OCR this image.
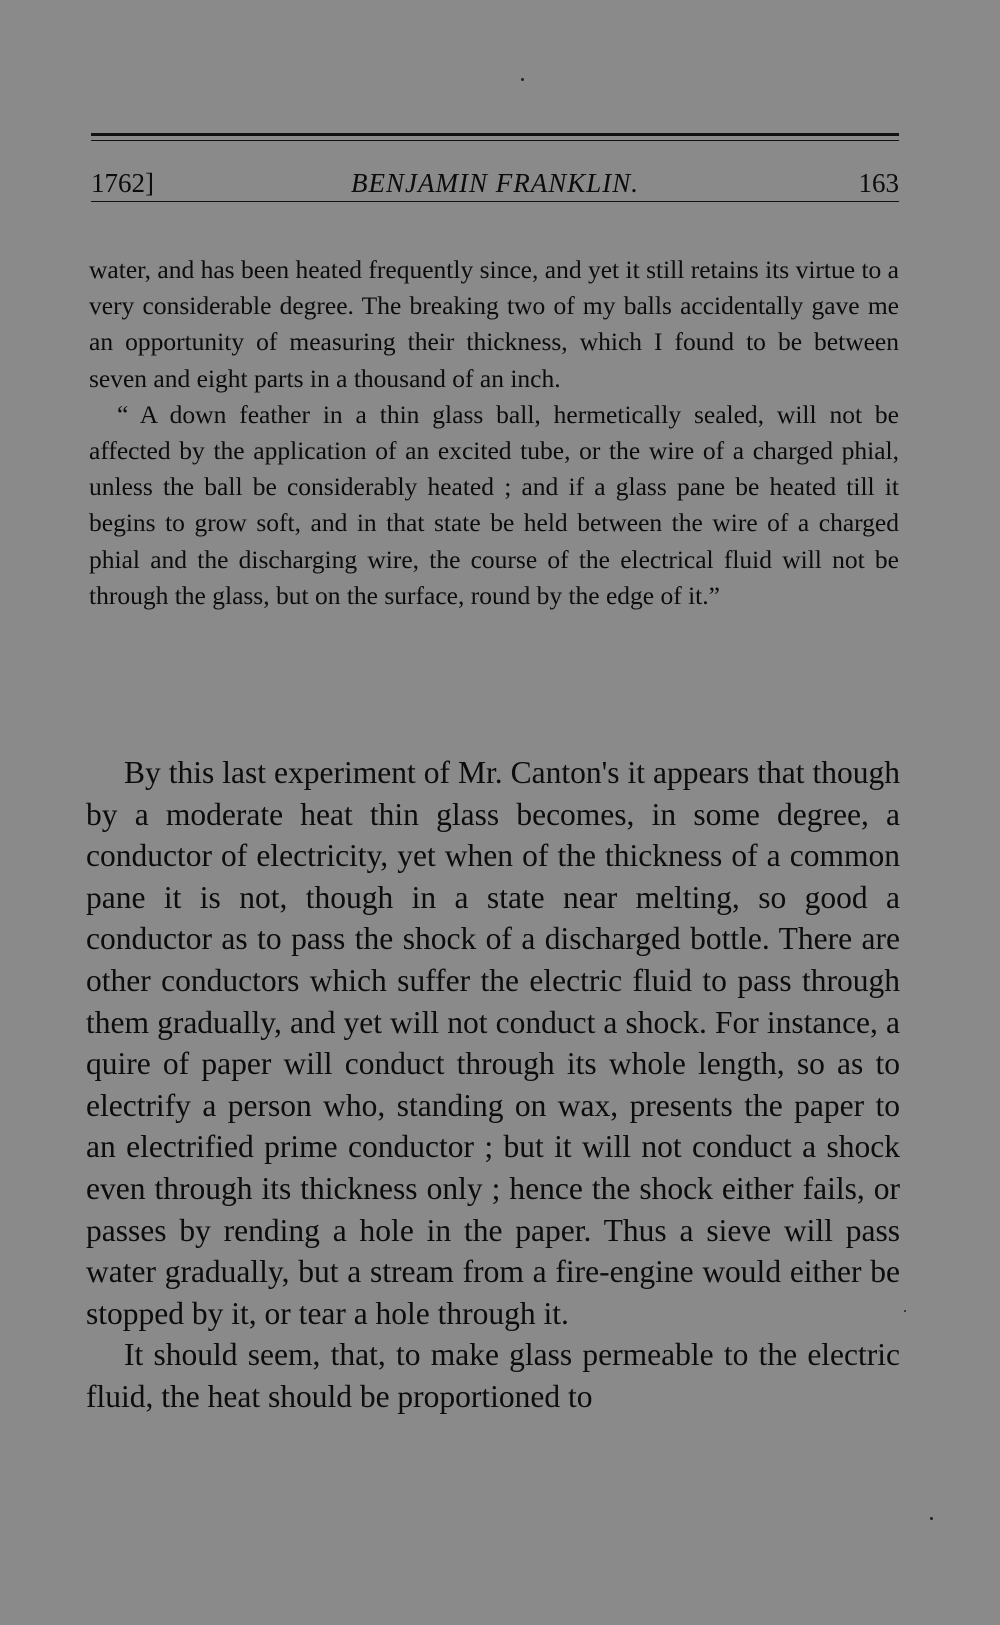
1762]	BENJAMIN FRANKLIN.	163

water, and has been heated frequently since, and yet it still retains its virtue to a very considerable degree. The breaking two of my balls accidentally gave me an opportunity of measuring their thickness, which I found to be between seven and eight parts in a thousand of an inch.

“ A down feather in a thin glass ball, hermetically sealed, will not be affected by the application of an excited tube, or the wire of a charged phial, unless the ball be considerably heated ; and if a glass pane be heated till it begins to grow soft, and in that state be held between the wire of a charged phial and the discharging wire, the course of the electrical fluid will not be through the glass, but on the surface, round by the edge of it.”

By this last experiment of Mr. Canton's it appears that though by a moderate heat thin glass becomes, in some degree, a conductor of electricity, yet when of the thickness of a common pane it is not, though in a state near melting, so good a conductor as to pass the shock of a discharged bottle. There are other conductors which suffer the electric fluid to pass through them gradually, and yet will not conduct a shock. For instance, a quire of paper will conduct through its whole length, so as to electrify a person who, standing on wax, presents the paper to an electrified prime conductor ; but it will not conduct a shock even through its thickness only ; hence the shock either fails, or passes by rending a hole in the paper. Thus a sieve will pass water gradually, but a stream from a fire-engine would either be stopped by it, or tear a hole through it.

It should seem, that, to make glass permeable to the electric fluid, the heat should be proportioned to
